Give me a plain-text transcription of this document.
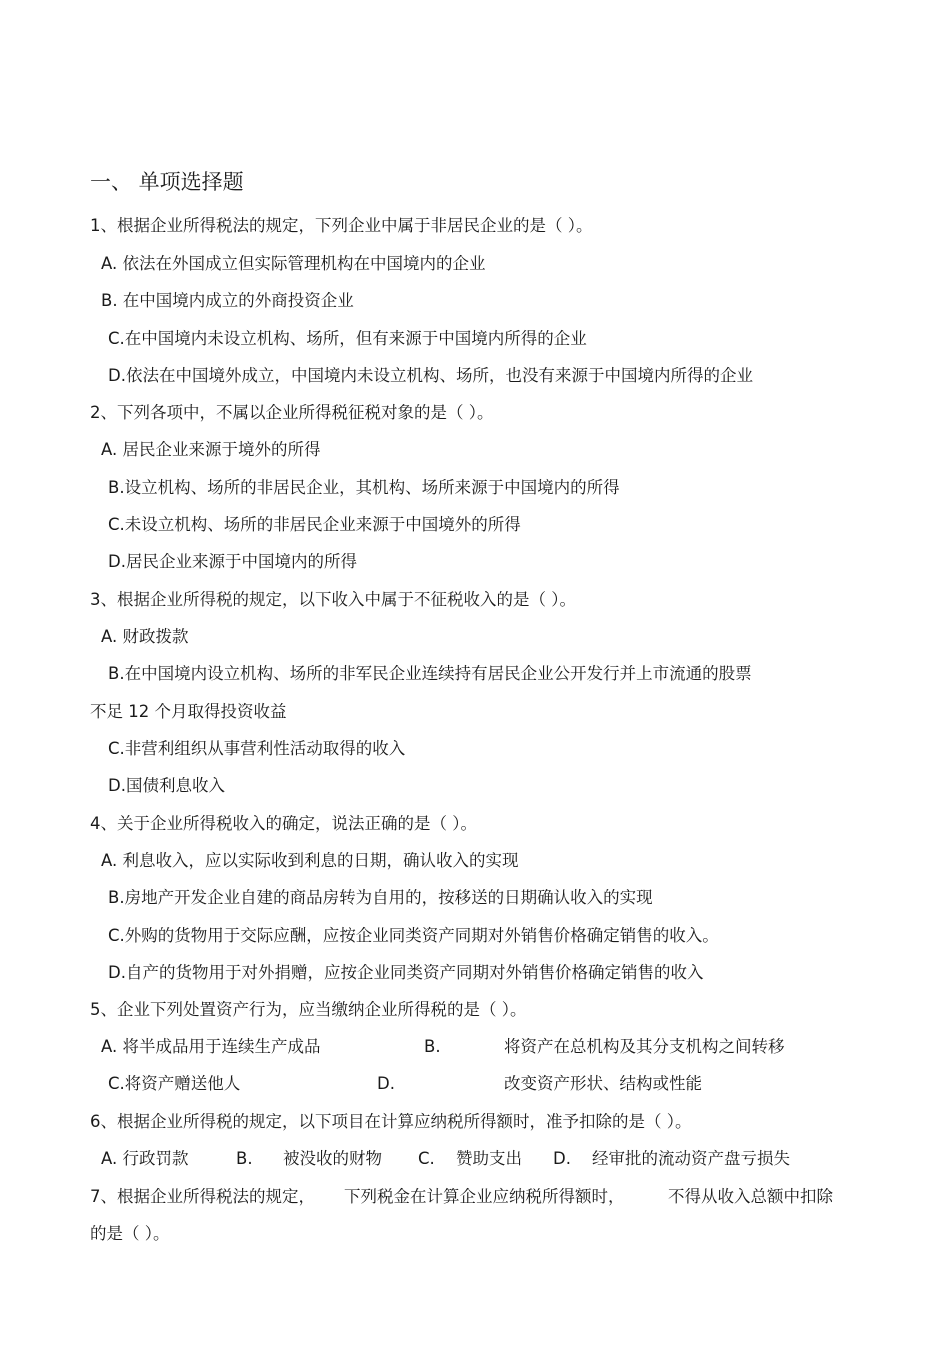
一、 单项选择题
1、根据企业所得税法的规定，下列企业中属于非居民企业的是（ ）。
A. 依法在外国成立但实际管理机构在中国境内的企业
B. 在中国境内成立的外商投资企业
C.在中国境内未设立机构、场所，但有来源于中国境内所得的企业
D.依法在中国境外成立，中国境内未设立机构、场所，也没有来源于中国境内所得的企业
2、下列各项中，不属以企业所得税征税对象的是（ ）。
A. 居民企业来源于境外的所得
B.设立机构、场所的非居民企业，其机构、场所来源于中国境内的所得
C.未设立机构、场所的非居民企业来源于中国境外的所得
D.居民企业来源于中国境内的所得
3、根据企业所得税的规定，以下收入中属于不征税收入的是（ ）。
A. 财政拨款
B.在中国境内设立机构、场所的非军民企业连续持有居民企业公开发行并上市流通的股票
不足 12 个月取得投资收益
C.非营利组织从事营利性活动取得的收入
D.国债利息收入
4、关于企业所得税收入的确定，说法正确的是（ ）。
A. 利息收入，应以实际收到利息的日期，确认收入的实现
B.房地产开发企业自建的商品房转为自用的，按移送的日期确认收入的实现
C.外购的货物用于交际应酬，应按企业同类资产同期对外销售价格确定销售的收入。
D.自产的货物用于对外捐赠，应按企业同类资产同期对外销售价格确定销售的收入
5、企业下列处置资产行为，应当缴纳企业所得税的是（ ）。
A. 将半成品用于连续生产成品	B.	将资产在总机构及其分支机构之间转移
C.将资产赠送他人	D.	改变资产形状、结构或性能
6、根据企业所得税的规定，以下项目在计算应纳税所得额时，准予扣除的是（ ）。
A. 行政罚款	B. 被没收的财物 C. 赞助支出 D. 经审批的流动资产盘亏损失
7、根据企业所得税法的规定， 下列税金在计算企业应纳税所得额时，	不得从收入总额中扣除
的是（ ）。
